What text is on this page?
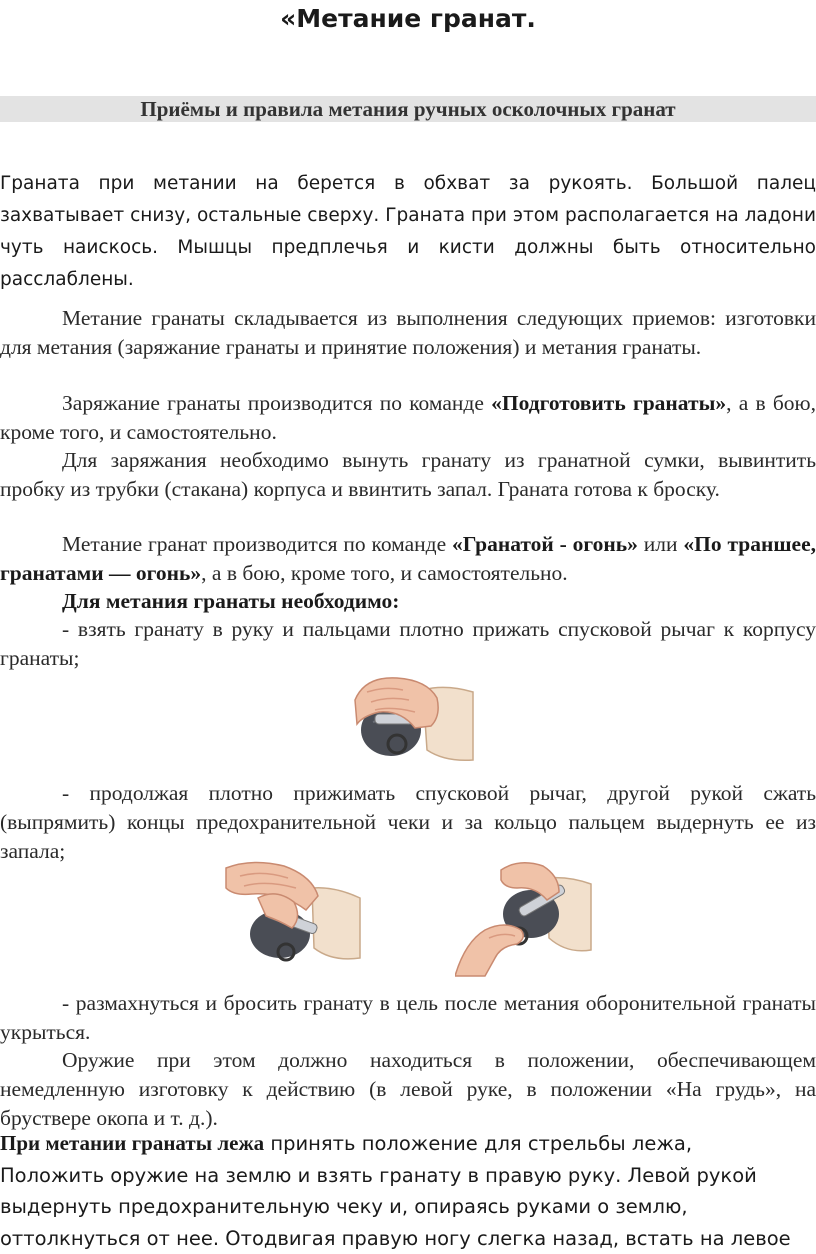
«Метание гранат.
Приёмы и правила метания ручных осколочных гранат

Граната при метании на берется в обхват за рукоять. Большой палец захватывает снизу, остальные сверху. Граната при этом располагается на ладони чуть наискось. Мышцы предплечья и кисти должны быть относительно расслаблены.

Метание гранаты складывается из выполнения следующих приемов: изготовки для метания (заряжание гранаты и принятие положения) и метания гранаты.

Заряжание гранаты производится по команде «Подготовить гранаты», а в бою, кроме того, и самостоятельно.

Для заряжания необходимо вынуть гранату из гранатной сумки, вывинтить пробку из трубки (стакана) корпуса и ввинтить запал. Граната готова к броску.

Метание гранат производится по команде «Гранатой - огонь» или «По траншее, гранатами — огонь», а в бою, кроме того, и самостоятельно.

Для метания гранаты необходимо:

- взять гранату в руку и пальцами плотно прижать спусковой рычаг к корпусу гранаты;

- продолжая плотно прижимать спусковой рычаг, другой рукой сжать (выпрямить) концы предохранительной чеки и за кольцо пальцем выдернуть ее из запала;

- размахнуться и бросить гранату в цель после метания оборонительной гранаты укрыться.

Оружие при этом должно находиться в положении, обеспечивающем немедленную изготовку к действию (в левой руке, в положении «На грудь», на бруствере окопа и т. д.).

При метании гранаты лежа принять положение для стрельбы лежа,
Положить оружие на землю и взять гранату в правую руку. Левой рукой
выдернуть предохранительную чеку и, опираясь руками о землю,
оттолкнуться от нее. Отодвигая правую ногу слегка назад, встать на левое
